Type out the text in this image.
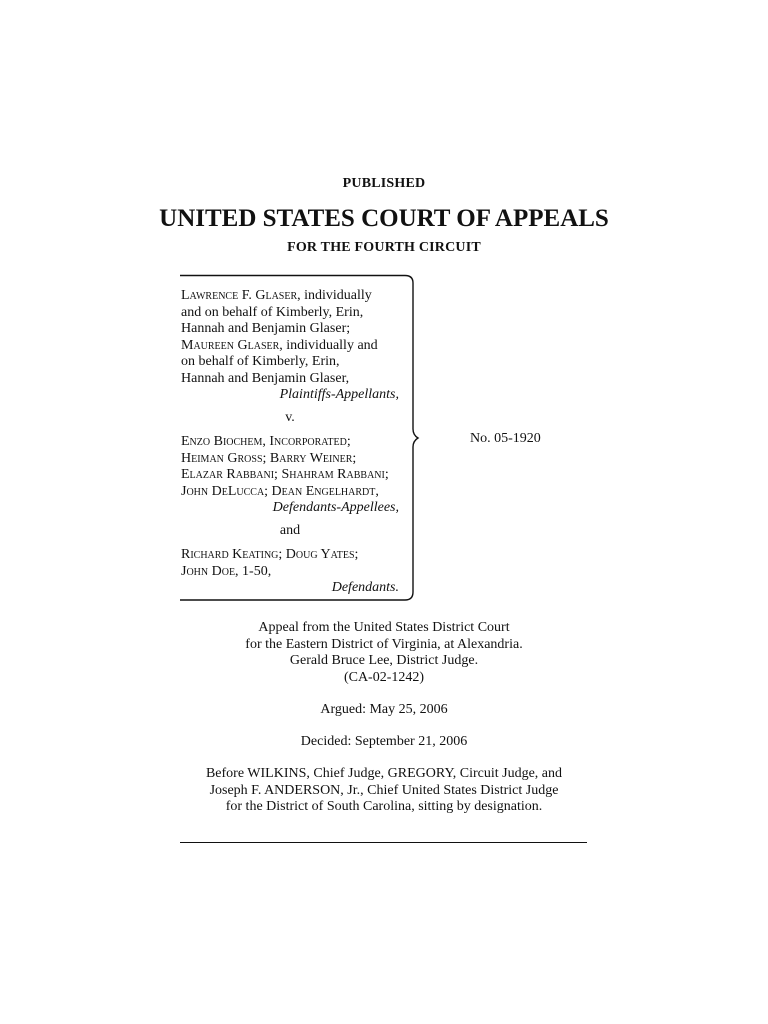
PUBLISHED
UNITED STATES COURT OF APPEALS
FOR THE FOURTH CIRCUIT
Lawrence F. Glaser, individually
and on behalf of Kimberly, Erin,
Hannah and Benjamin Glaser;
Maureen Glaser, individually and
on behalf of Kimberly, Erin,
Hannah and Benjamin Glaser,
Plaintiffs-Appellants,
v.
Enzo Biochem, Incorporated;
Heiman Gross; Barry Weiner;
Elazar Rabbani; Shahram Rabbani;
John DeLucca; Dean Engelhardt,
Defendants-Appellees,
and
Richard Keating; Doug Yates;
John Doe, 1-50,
Defendants.
No. 05-1920
Appeal from the United States District Court
for the Eastern District of Virginia, at Alexandria.
Gerald Bruce Lee, District Judge.
(CA-02-1242)
Argued: May 25, 2006
Decided: September 21, 2006
Before WILKINS, Chief Judge, GREGORY, Circuit Judge, and
Joseph F. ANDERSON, Jr., Chief United States District Judge
for the District of South Carolina, sitting by designation.
